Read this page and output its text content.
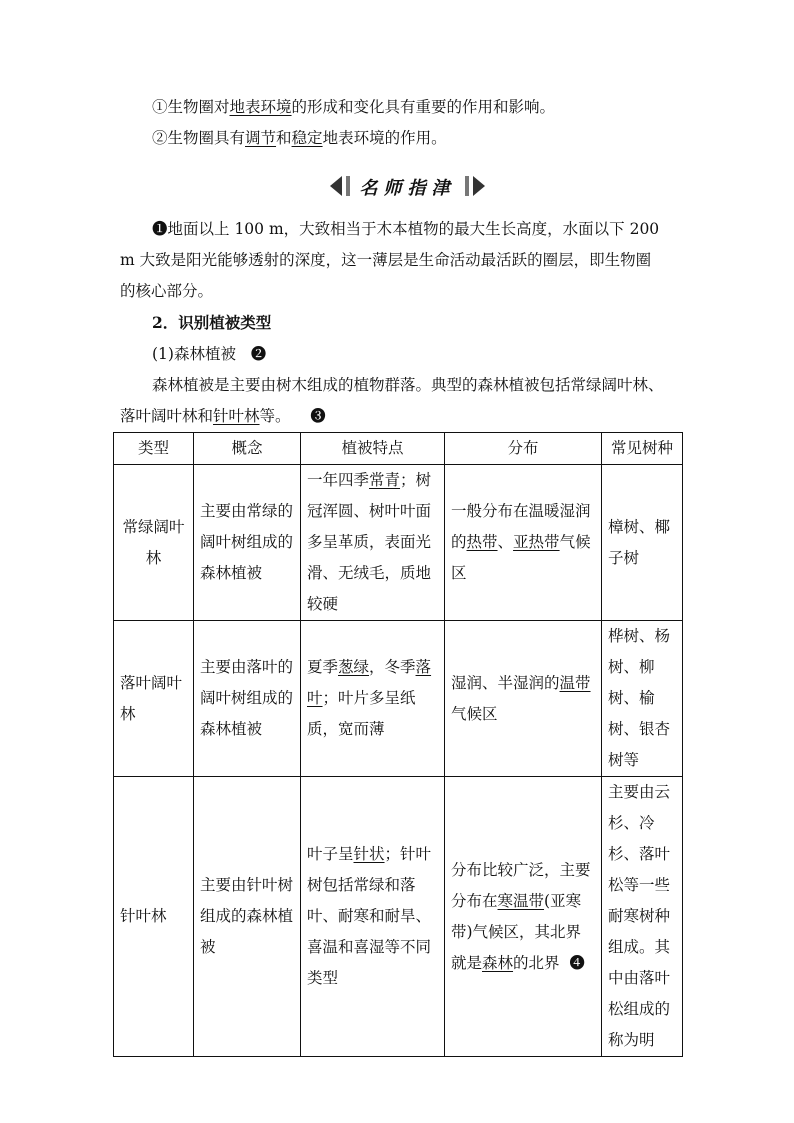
①生物圈对地表环境的形成和变化具有重要的作用和影响。
②生物圈具有调节和稳定地表环境的作用。
名师指津
❶地面以上 100 m，大致相当于木本植物的最大生长高度，水面以下 200
m 大致是阳光能够透射的深度，这一薄层是生命活动最活跃的圈层，即生物圈
的核心部分。
2．识别植被类型
(1)森林植被 ❷
森林植被是主要由树木组成的植物群落。典型的森林植被包括常绿阔叶林、
落叶阔叶林和针叶林等。 ❸
类型	概念	植被特点	分布	常见树种
常绿阔叶林	主要由常绿的阔叶树组成的森林植被	一年四季常青；树冠浑圆、树叶叶面多呈革质，表面光滑、无绒毛，质地较硬	一般分布在温暖湿润的热带、亚热带气候区	樟树、椰子树
落叶阔叶林	主要由落叶的阔叶树组成的森林植被	夏季葱绿，冬季落叶；叶片多呈纸质，宽而薄	湿润、半湿润的温带气候区	桦树、杨树、柳树、榆树、银杏树等
针叶林	主要由针叶树组成的森林植被	叶子呈针状；针叶树包括常绿和落叶、耐寒和耐旱、喜温和喜湿等不同类型	分布比较广泛，主要分布在寒温带(亚寒带)气候区，其北界就是森林的北界 ❹	主要由云杉、冷杉、落叶松等一些耐寒树种组成。其中由落叶松组成的称为明
